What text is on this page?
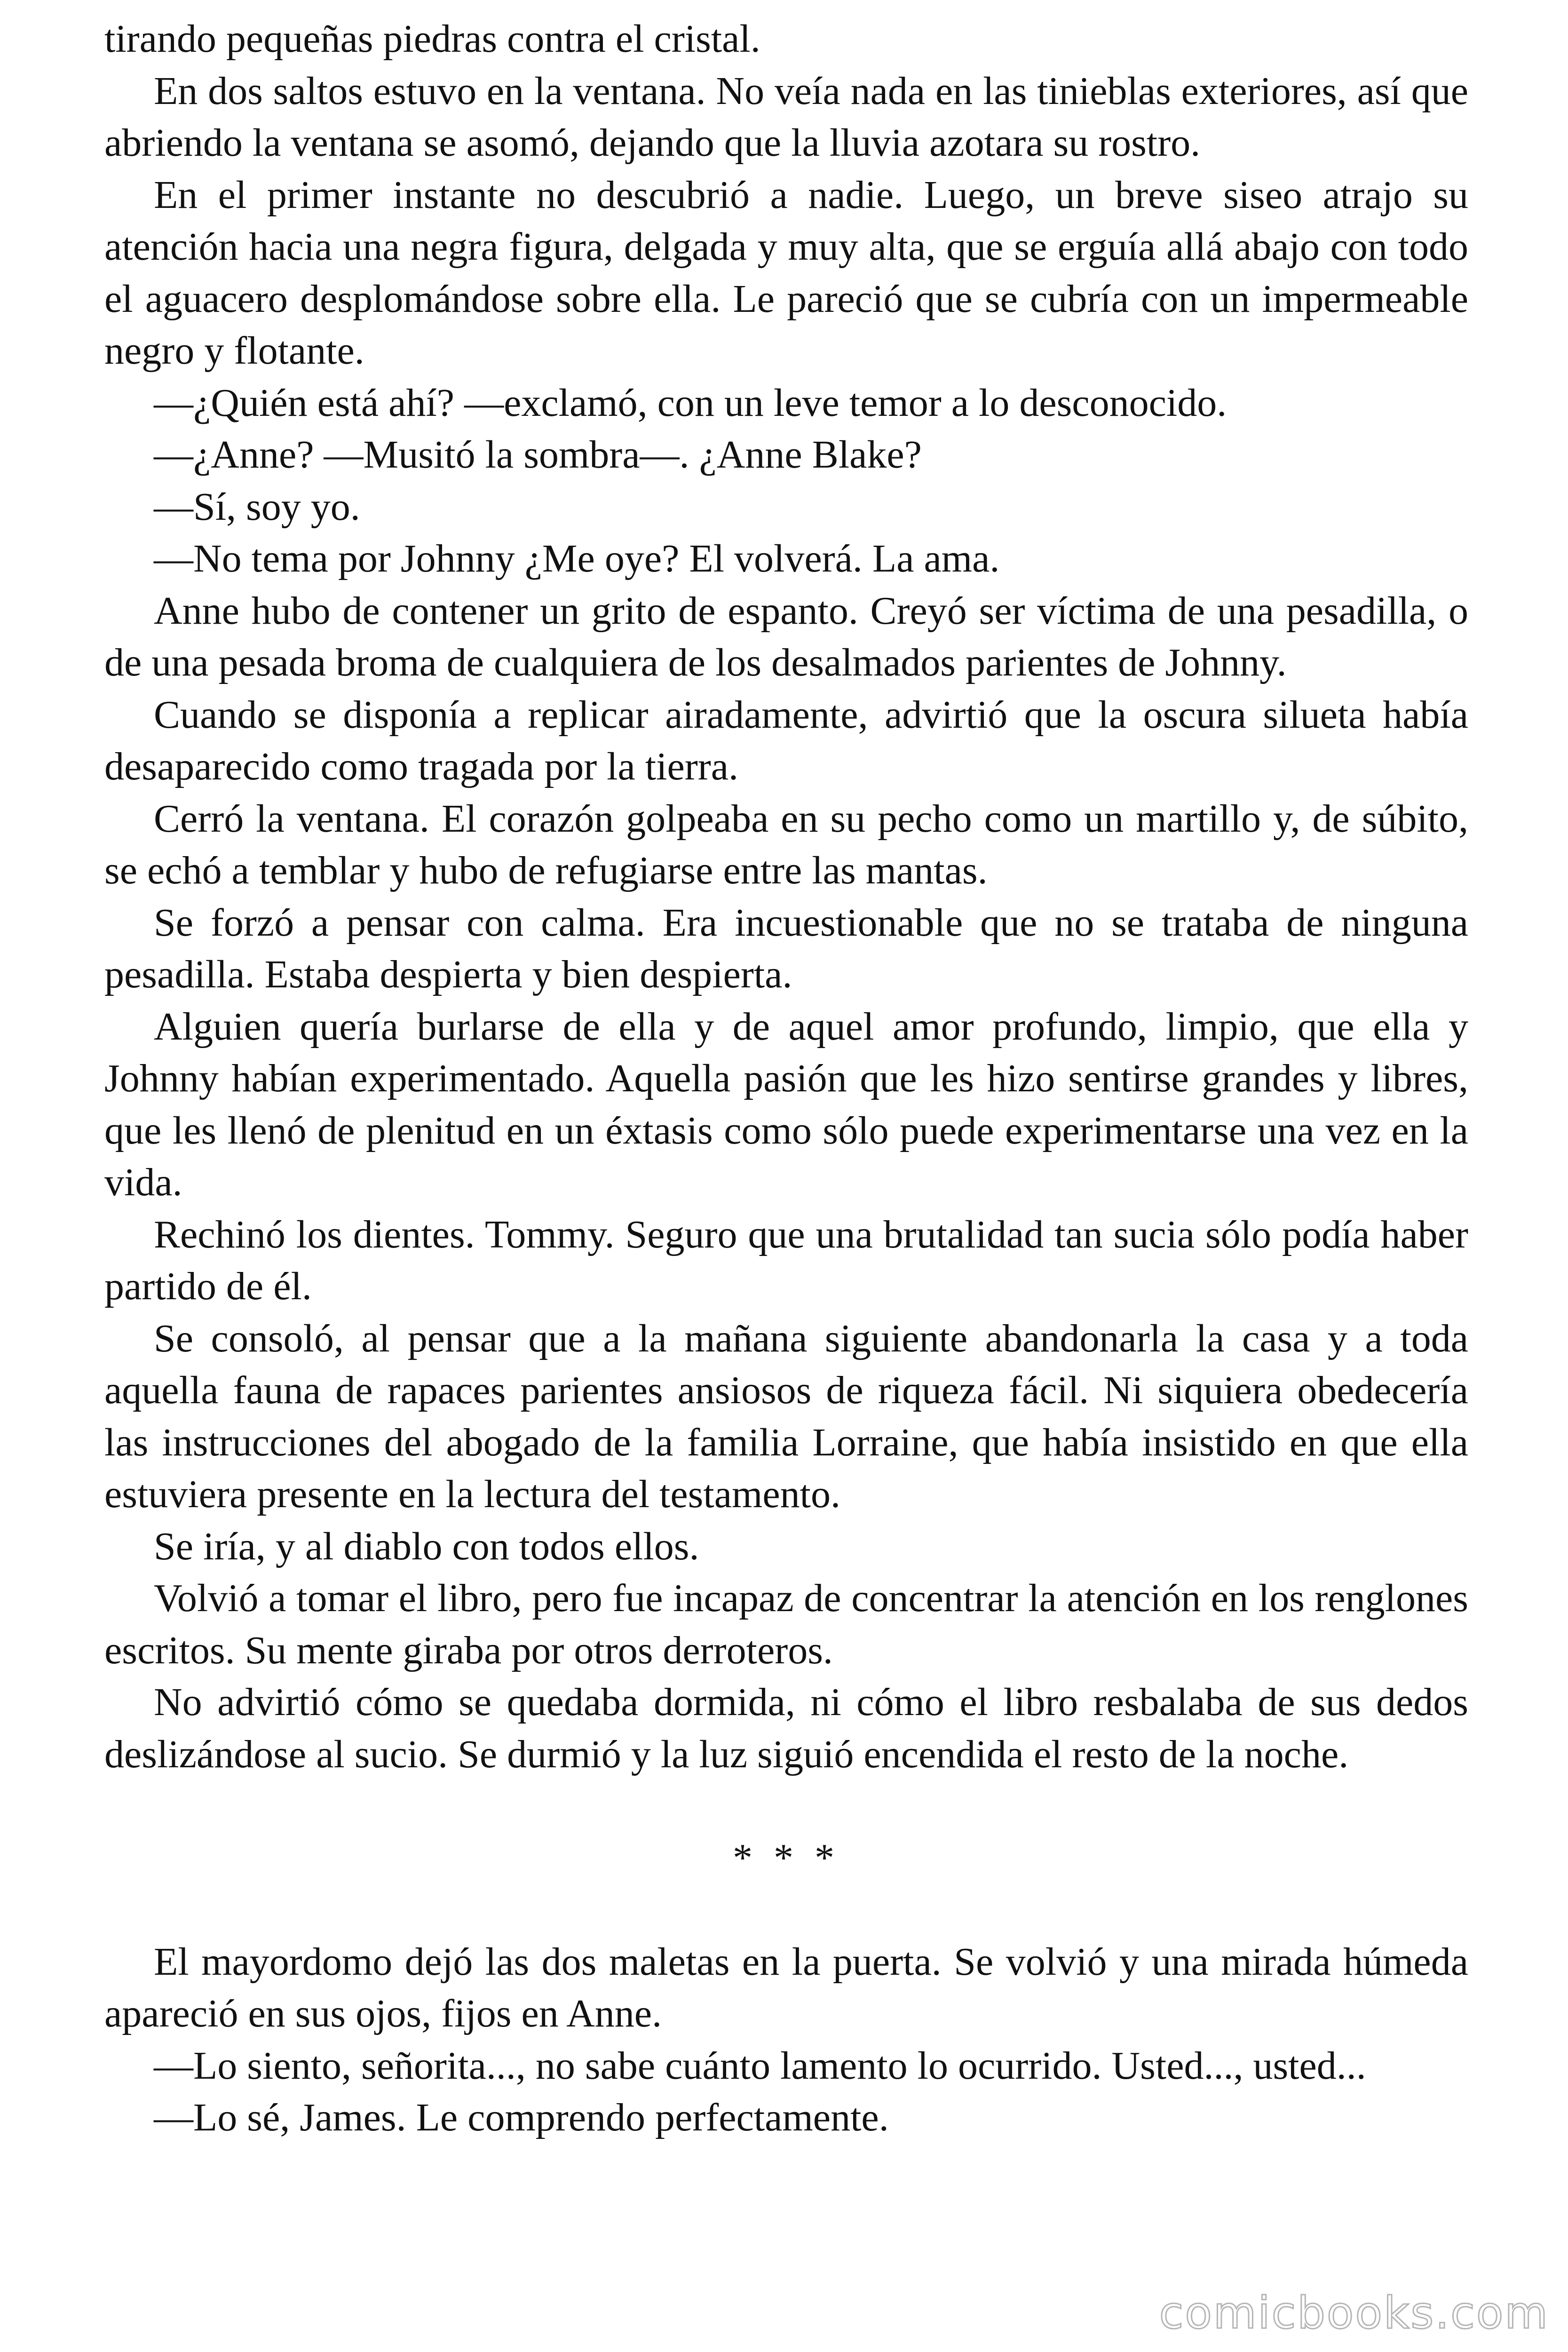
tirando pequeñas piedras contra el cristal.

En dos saltos estuvo en la ventana. No veía nada en las tinieblas exteriores, así que abriendo la ventana se asomó, dejando que la lluvia azotara su rostro.

En el primer instante no descubrió a nadie. Luego, un breve siseo atrajo su atención hacia una negra figura, delgada y muy alta, que se erguía allá abajo con todo el aguacero desplomándose sobre ella. Le pareció que se cubría con un impermeable negro y flotante.

—¿Quién está ahí? —exclamó, con un leve temor a lo desconocido.

—¿Anne? —Musitó la sombra—. ¿Anne Blake?

—Sí, soy yo.

—No tema por Johnny ¿Me oye? El volverá. La ama.

Anne hubo de contener un grito de espanto. Creyó ser víctima de una pesadilla, o de una pesada broma de cualquiera de los desalmados parientes de Johnny.

Cuando se disponía a replicar airadamente, advirtió que la oscura silueta había desaparecido como tragada por la tierra.

Cerró la ventana. El corazón golpeaba en su pecho como un martillo y, de súbito, se echó a temblar y hubo de refugiarse entre las mantas.

Se forzó a pensar con calma. Era incuestionable que no se trataba de ninguna pesadilla. Estaba despierta y bien despierta.

Alguien quería burlarse de ella y de aquel amor profundo, limpio, que ella y Johnny habían experimentado. Aquella pasión que les hizo sentirse grandes y libres, que les llenó de plenitud en un éxtasis como sólo puede experimentarse una vez en la vida.

Rechinó los dientes. Tommy. Seguro que una brutalidad tan sucia sólo podía haber partido de él.

Se consoló, al pensar que a la mañana siguiente abandonarla la casa y a toda aquella fauna de rapaces parientes ansiosos de riqueza fácil. Ni siquiera obedecería las instrucciones del abogado de la familia Lorraine, que había insistido en que ella estuviera presente en la lectura del testamento.

Se iría, y al diablo con todos ellos.

Volvió a tomar el libro, pero fue incapaz de concentrar la atención en los renglones escritos. Su mente giraba por otros derroteros.

No advirtió cómo se quedaba dormida, ni cómo el libro resbalaba de sus dedos deslizándose al sucio. Se durmió y la luz siguió encendida el resto de la noche.

* * *

El mayordomo dejó las dos maletas en la puerta. Se volvió y una mirada húmeda apareció en sus ojos, fijos en Anne.

—Lo siento, señorita..., no sabe cuánto lamento lo ocurrido. Usted..., usted...

—Lo sé, James. Le comprendo perfectamente.

comicbooks.com
